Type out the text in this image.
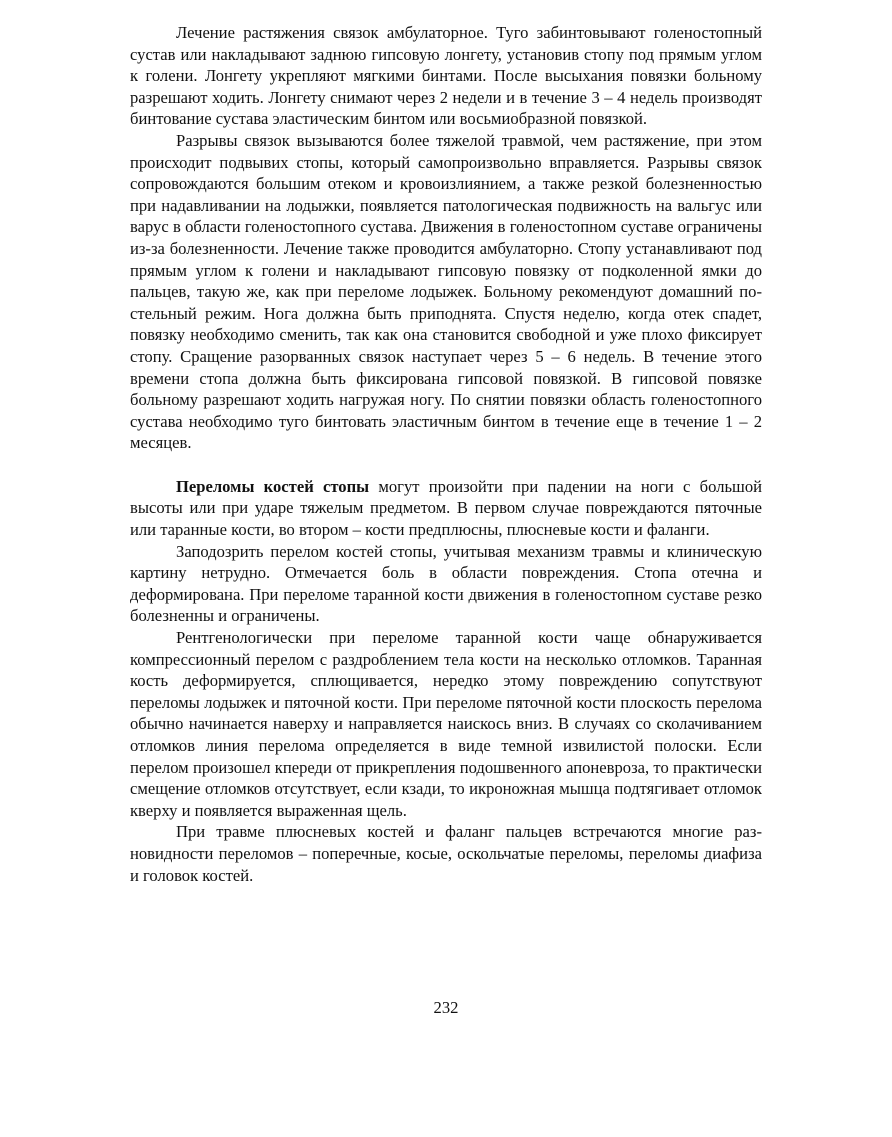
Лечение растяжения связок амбулаторное. Туго забинтовывают голеностопный сустав или накладывают заднюю гипсовую лонгету, установив стопу под прямым углом к голени. Лонгету укрепляют мягкими бинтами. После высыхания повязки больному разрешают ходить. Лонгету снимают через 2 недели и в течение 3 – 4 недель производят бинтование сустава эластическим бинтом или восьмиобразной повязкой.

Разрывы связок вызываются более тяжелой травмой, чем растяжение, при этом происходит подвывих стопы, который самопроизвольно вправляется. Разрывы связок сопровождаются большим отеком и кровоизлиянием, а также резкой болезненностью при надавливании на лодыжки, появляется патологическая подвижность на вальгус или варус в области голеностопного сустава. Движения в голеностопном суставе ограничены из-за болезненности. Лечение также проводится амбулаторно. Стопу устанавливают под прямым углом к голени и накладывают гипсовую повязку от подколенной ямки до пальцев, такую же, как при переломе лодыжек. Больному рекомендуют домашний постельный режим. Нога должна быть приподнята. Спустя неделю, когда отек спадет, повязку необходимо сменить, так как она становится свободной и уже плохо фиксирует стопу. Сращение разорванных связок наступает через 5 – 6 недель. В течение этого времени стопа должна быть фиксирована гипсовой повязкой. В гипсовой повязке больному разрешают ходить нагружая ногу. По снятии повязки область голеностопного сустава необходимо туго бинтовать эластичным бинтом в течение еще в течение 1 – 2 месяцев.

Переломы костей стопы могут произойти при падении на ноги с большой высоты или при ударе тяжелым предметом. В первом случае повреждаются пяточные или таранные кости, во втором – кости предплюсны, плюсневые кости и фаланги.

Заподозрить перелом костей стопы, учитывая механизм травмы и клиническую картину нетрудно. Отмечается боль в области повреждения. Стопа отечна и деформирована. При переломе таранной кости движения в голеностопном суставе резко болезненны и ограничены.

Рентгенологически при переломе таранной кости чаще обнаруживается компрессионный перелом с раздроблением тела кости на несколько отломков. Таранная кость деформируется, сплющивается, нередко этому повреждению сопутствуют переломы лодыжек и пяточной кости. При переломе пяточной кости плоскость перелома обычно начинается наверху и направляется наискось вниз. В случаях со сколачиванием отломков линия перелома определяется в виде темной извилистой полоски. Если перелом произошел кпереди от прикрепления подошвенного апоневроза, то практически смещение отломков отсутствует, если кзади, то икроножная мышца подтягивает отломок кверху и появляется выраженная щель.

При травме плюсневых костей и фаланг пальцев встречаются многие разновидности переломов – поперечные, косые, оскольчатые переломы, переломы диафиза и головок костей.

232
